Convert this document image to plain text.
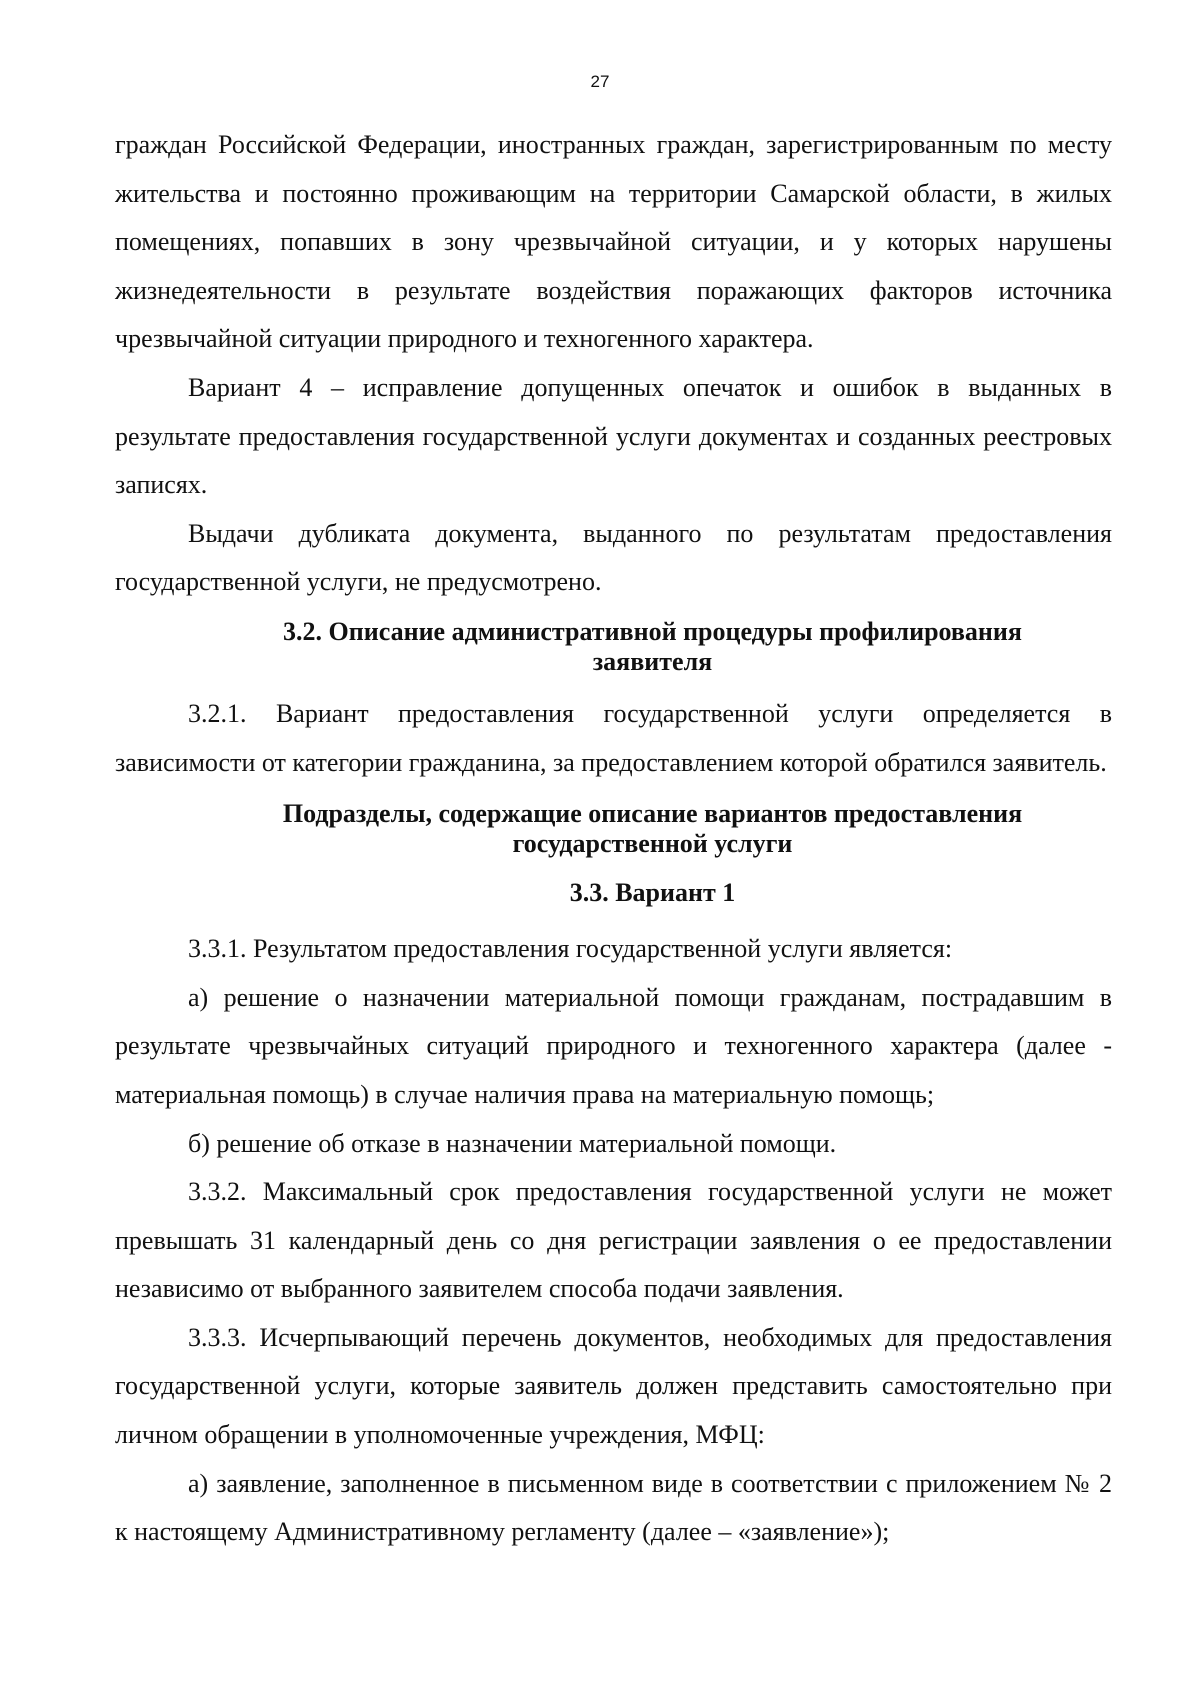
27

граждан Российской Федерации, иностранных граждан, зарегистрированным по месту жительства и постоянно проживающим на территории Самарской области, в жилых помещениях, попавших в зону чрезвычайной ситуации, и у которых нарушены жизнедеятельности в результате воздействия поражающих факторов источника чрезвычайной ситуации природного и техногенного характера.

Вариант 4 – исправление допущенных опечаток и ошибок в выданных в результате предоставления государственной услуги документах и созданных реестровых записях.

Выдачи дубликата документа, выданного по результатам предоставления государственной услуги, не предусмотрено.

3.2. Описание административной процедуры профилирования
заявителя

3.2.1. Вариант предоставления государственной услуги определяется в зависимости от категории гражданина, за предоставлением которой обратился заявитель.

Подразделы, содержащие описание вариантов предоставления
государственной услуги
3.3. Вариант 1

3.3.1. Результатом предоставления государственной услуги является:

а) решение о назначении материальной помощи гражданам, пострадавшим в результате чрезвычайных ситуаций природного и техногенного характера (далее - материальная помощь) в случае наличия права на материальную помощь;

б) решение об отказе в назначении материальной помощи.

3.3.2. Максимальный срок предоставления государственной услуги не может превышать 31 календарный день со дня регистрации заявления о ее предоставлении независимо от выбранного заявителем способа подачи заявления.

3.3.3. Исчерпывающий перечень документов, необходимых для предоставления государственной услуги, которые заявитель должен представить самостоятельно при личном обращении в уполномоченные учреждения, МФЦ:

а) заявление, заполненное в письменном виде в соответствии с приложением № 2 к настоящему Административному регламенту (далее – «заявление»);
